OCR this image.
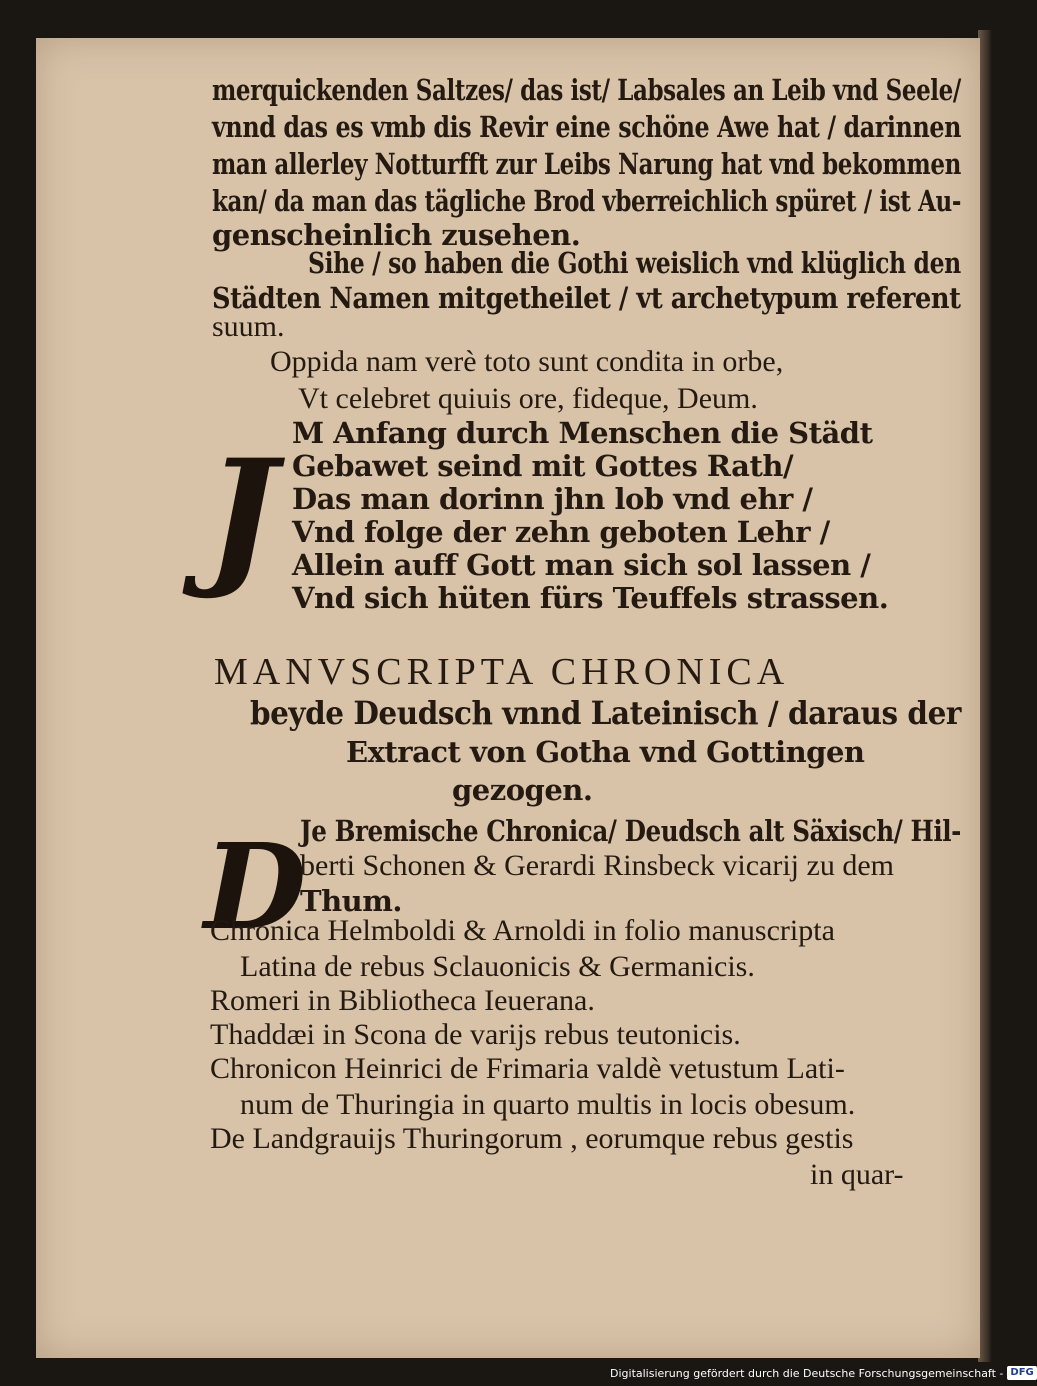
merquickenden Saltzes/ das ist/ Labsales an Leib vnd Seele/
vnnd das es vmb dis Revir eine schöne Awe hat / darinnen
man allerley Notturfft zur Leibs Narung hat vnd bekommen
kan/ da man das tägliche Brod vberreichlich spüret / ist Au-
genscheinlich zusehen.
Sihe / so haben die Gothi weislich vnd klüglich den
Städten Namen mitgetheilet / vt archetypum referent
suum.
Oppida nam verè toto sunt condita in orbe,
Vt celebret quiuis ore, fideque, Deum.
J M Anfang durch Menschen die Städt
Gebawet seind mit Gottes Rath/
Das man dorinn jhn lob vnd ehr /
Vnd folge der zehn geboten Lehr /
Allein auff Gott man sich sol lassen /
Vnd sich hüten fürs Teuffels strassen.
MANVSCRIPTA CHRONICA
beyde Deudsch vnnd Lateinisch / daraus der
Extract von Gotha vnd Gottingen
gezogen.
D
Je Bremische Chronica/ Deudsch alt Säxisch/ Hil-
berti Schonen & Gerardi Rinsbeck vicarij zu dem
Thum.
Chronica Helmboldi & Arnoldi in folio manuscripta
Latina de rebus Sclauonicis & Germanicis.
Romeri in Bibliotheca Ieuerana.
Thaddæi in Scona de varijs rebus teutonicis.
Chronicon Heinrici de Frimaria valdè vetustum Lati-
num de Thuringia in quarto multis in locis obesum.
De Landgrauijs Thuringorum , eorumque rebus gestis
in quar-
Digitalisierung gefördert durch die Deutsche Forschungsgemeinschaft - DFG
